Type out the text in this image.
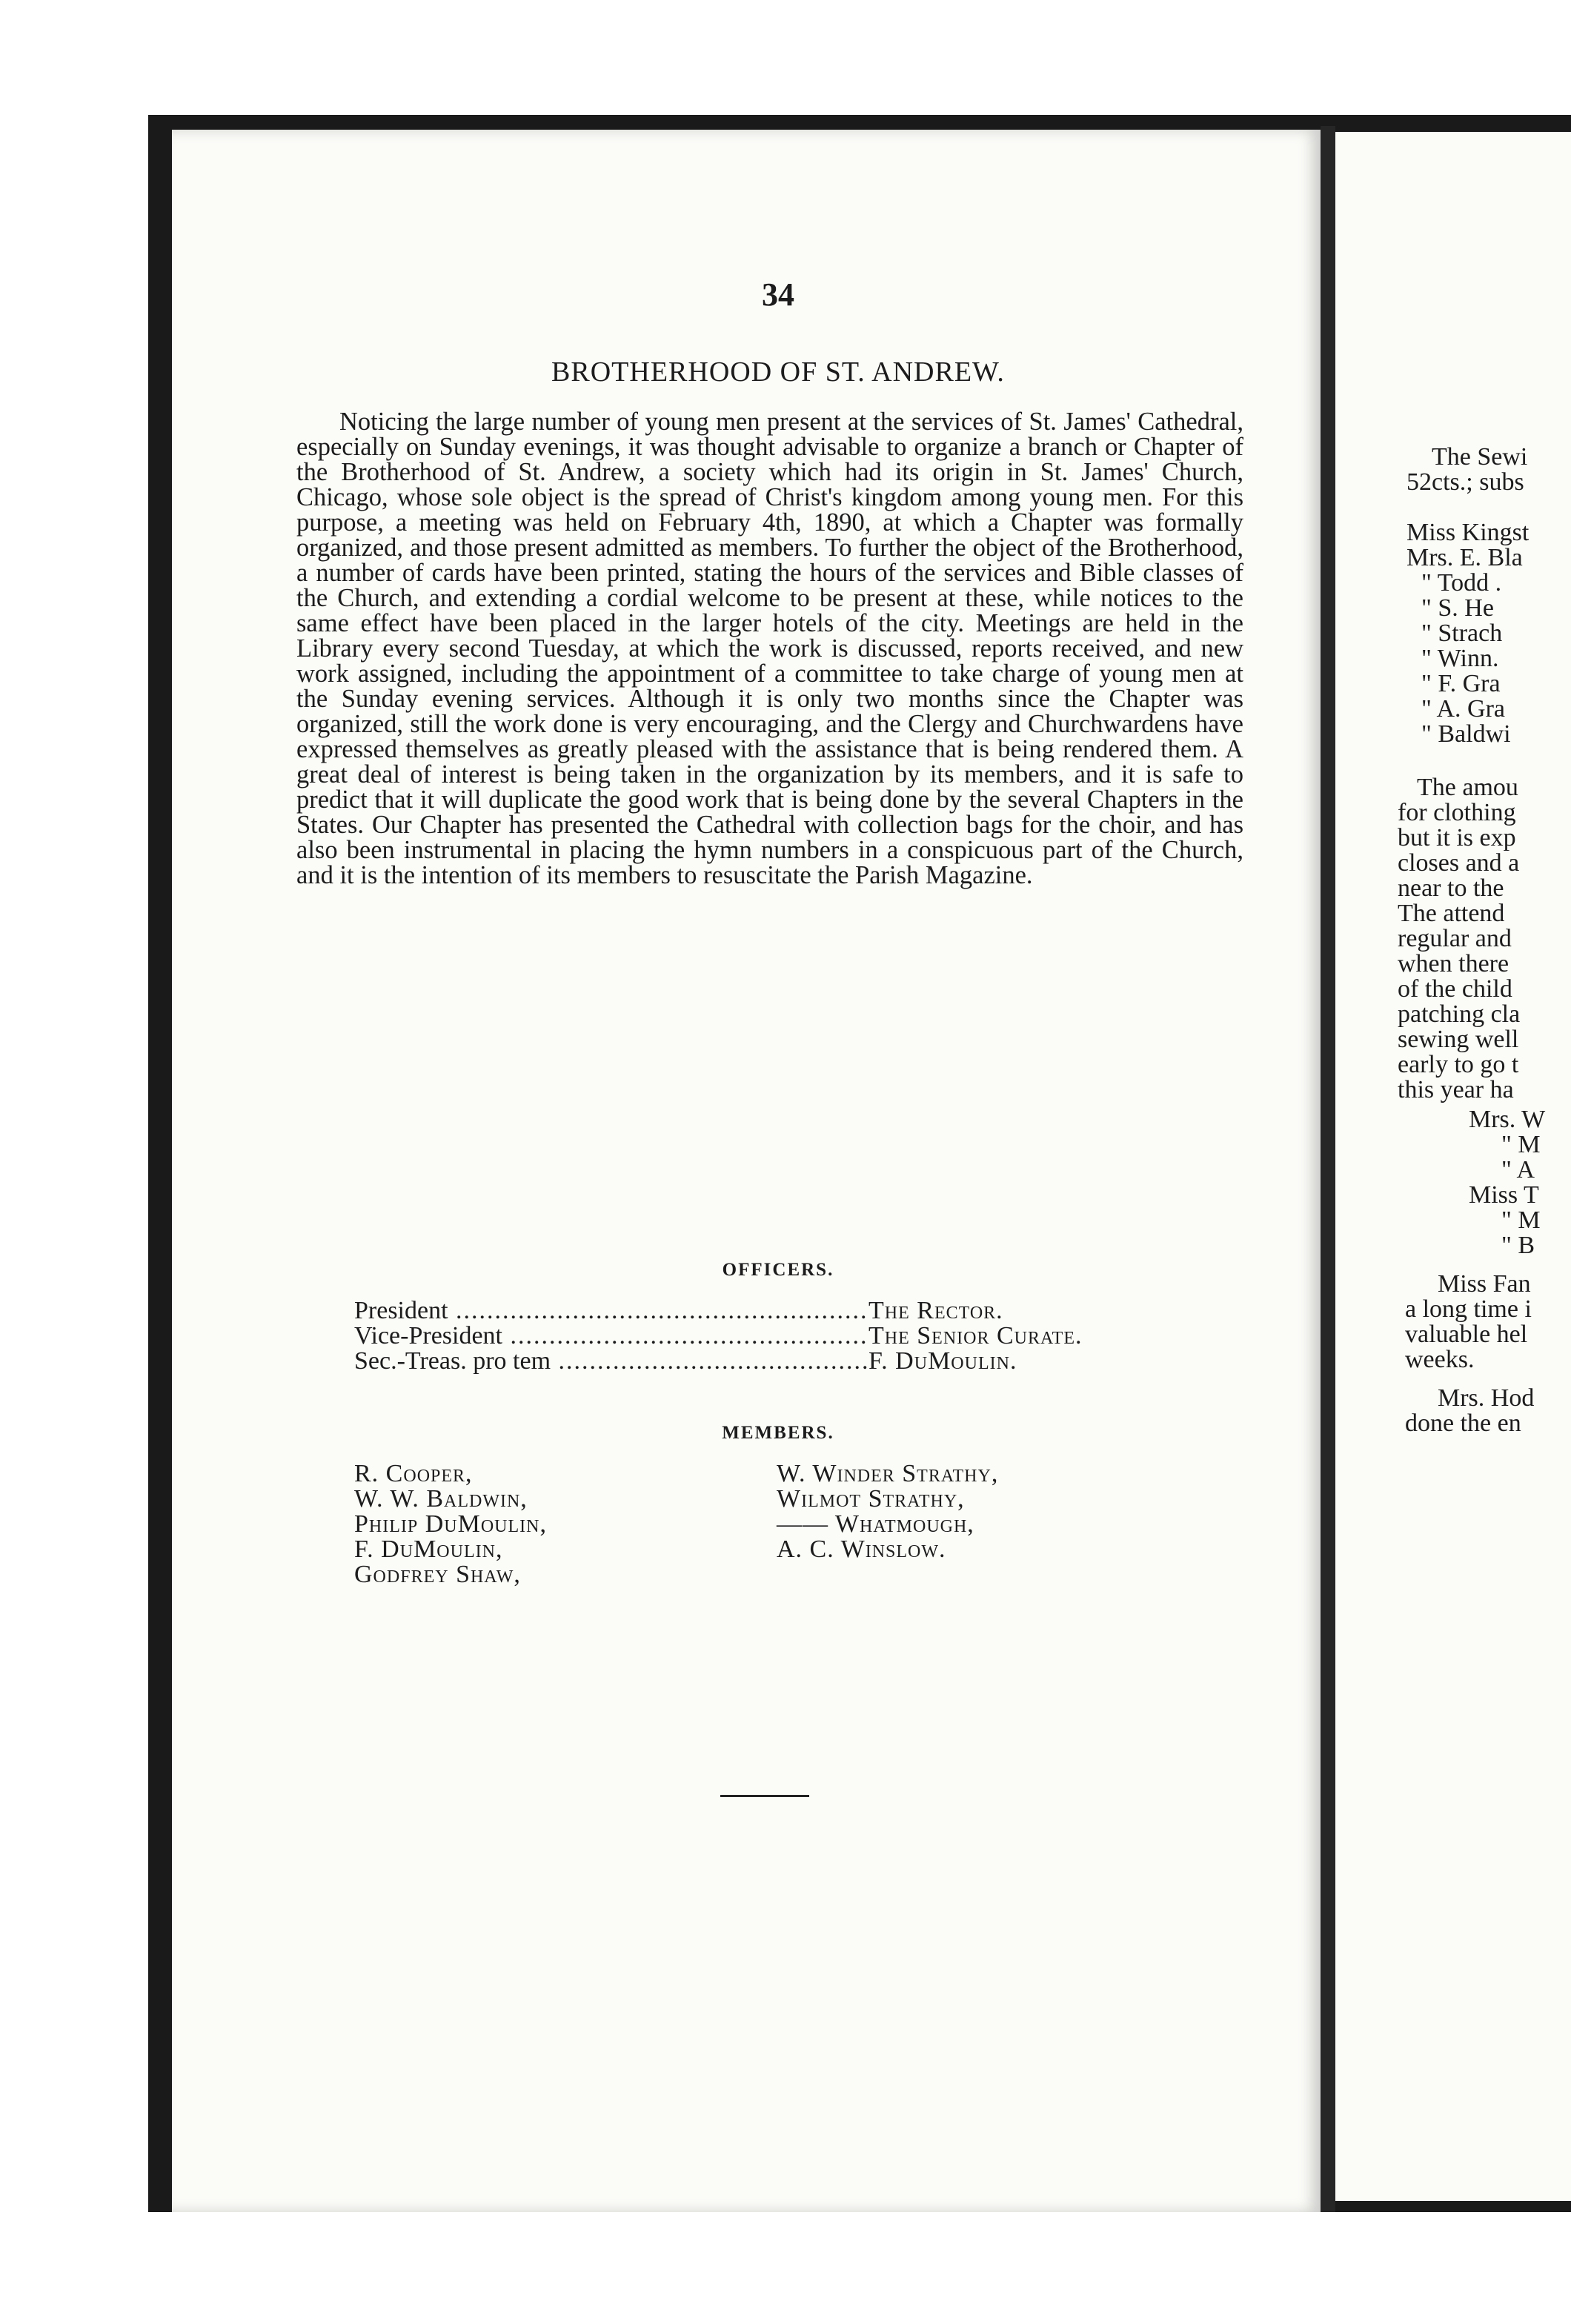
34
BROTHERHOOD OF ST. ANDREW.

Noticing the large number of young men present at the services of St. James' Cathedral, especially on Sunday evenings, it was thought advisable to organize a branch or Chapter of the Brotherhood of St. Andrew, a society which had its origin in St. James' Church, Chicago, whose sole object is the spread of Christ's kingdom among young men. For this purpose, a meeting was held on February 4th, 1890, at which a Chapter was formally organized, and those present admitted as members. To further the object of the Brotherhood, a number of cards have been printed, stating the hours of the services and Bible classes of the Church, and extending a cordial welcome to be present at these, while notices to the same effect have been placed in the larger hotels of the city. Meetings are held in the Library every second Tuesday, at which the work is discussed, reports received, and new work assigned, including the appointment of a committee to take charge of young men at the Sunday evening services. Although it is only two months since the Chapter was organized, still the work done is very encouraging, and the Clergy and Churchwardens have expressed themselves as greatly pleased with the assistance that is being rendered them. A great deal of interest is being taken in the organization by its members, and it is safe to predict that it will duplicate the good work that is being done by the several Chapters in the States. Our Chapter has presented the Cathedral with collection bags for the choir, and has also been instrumental in placing the hymn numbers in a conspicuous part of the Church, and it is the intention of its members to resuscitate the Parish Magazine.

OFFICERS.
President .....	The Rector.
Vice-President .....	The Senior Curate.
Sec.-Treas. pro tem .....	F. DuMoulin.
MEMBERS.
R. Cooper,
W. W. Baldwin,
Philip DuMoulin,
F. DuMoulin,
Godfrey Shaw,
W. Winder Strathy,
Wilmot Strathy,
—— Whatmough,
A. C. Winslow.
The Sewi
52cts.; subs
Miss Kingst
Mrs. E. Bla
" Todd .
" S. He
" Strach
" Winn.
" F. Gra
" A. Gra
" Baldwi
The amou
for clothing
but it is exp
closes and a
near to the
The attend
regular and
when there
of the child
patching cla
sewing well
early to go t
this year ha
Mrs. W
" M
" A
Miss T
" M
" B
Miss Fan
a long time i
valuable hel
weeks.
Mrs. Hod
done the en
